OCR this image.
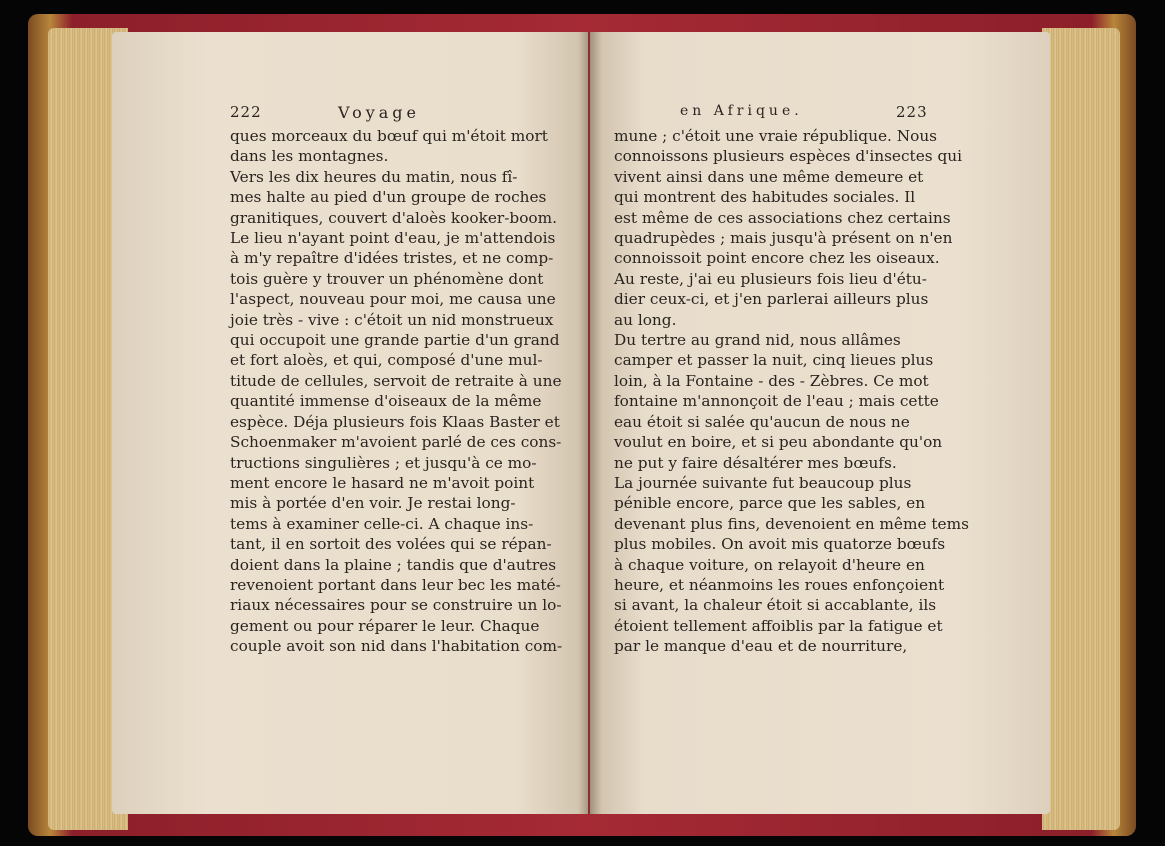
222	Voyage	en Afrique.	223

ques morceaux du bœuf qui m'étoit mort

dans les montagnes.

Vers les dix heures du matin, nous fî-

mes halte au pied d'un groupe de roches

granitiques, couvert d'aloès kooker-boom.

Le lieu n'ayant point d'eau, je m'attendois

à m'y repaître d'idées tristes, et ne comp-

tois guère y trouver un phénomène dont

l'aspect, nouveau pour moi, me causa une

joie très - vive : c'étoit un nid monstrueux

qui occupoit une grande partie d'un grand

et fort aloès, et qui, composé d'une mul-

titude de cellules, servoit de retraite à une

quantité immense d'oiseaux de la même

espèce. Déja plusieurs fois Klaas Baster et

Schoenmaker m'avoient parlé de ces cons-

tructions singulières ; et jusqu'à ce mo-

ment encore le hasard ne m'avoit point

mis à portée d'en voir. Je restai long-

tems à examiner celle-ci. A chaque ins-

tant, il en sortoit des volées qui se répan-

doient dans la plaine ; tandis que d'autres

revenoient portant dans leur bec les maté-

riaux nécessaires pour se construire un lo-

gement ou pour réparer le leur. Chaque

couple avoit son nid dans l'habitation com-

mune ; c'étoit une vraie république. Nous

connoissons plusieurs espèces d'insectes qui

vivent ainsi dans une même demeure et

qui montrent des habitudes sociales. Il

est même de ces associations chez certains

quadrupèdes ; mais jusqu'à présent on n'en

connoissoit point encore chez les oiseaux.

Au reste, j'ai eu plusieurs fois lieu d'étu-

dier ceux-ci, et j'en parlerai ailleurs plus

au long.

Du tertre au grand nid, nous allâmes

camper et passer la nuit, cinq lieues plus

loin, à la Fontaine - des - Zèbres. Ce mot

fontaine m'annonçoit de l'eau ; mais cette

eau étoit si salée qu'aucun de nous ne

voulut en boire, et si peu abondante qu'on

ne put y faire désaltérer mes bœufs.

La journée suivante fut beaucoup plus

pénible encore, parce que les sables, en

devenant plus fins, devenoient en même tems

plus mobiles. On avoit mis quatorze bœufs

à chaque voiture, on relayoit d'heure en

heure, et néanmoins les roues enfonçoient

si avant, la chaleur étoit si accablante, ils

étoient tellement affoiblis par la fatigue et

par le manque d'eau et de nourriture,
